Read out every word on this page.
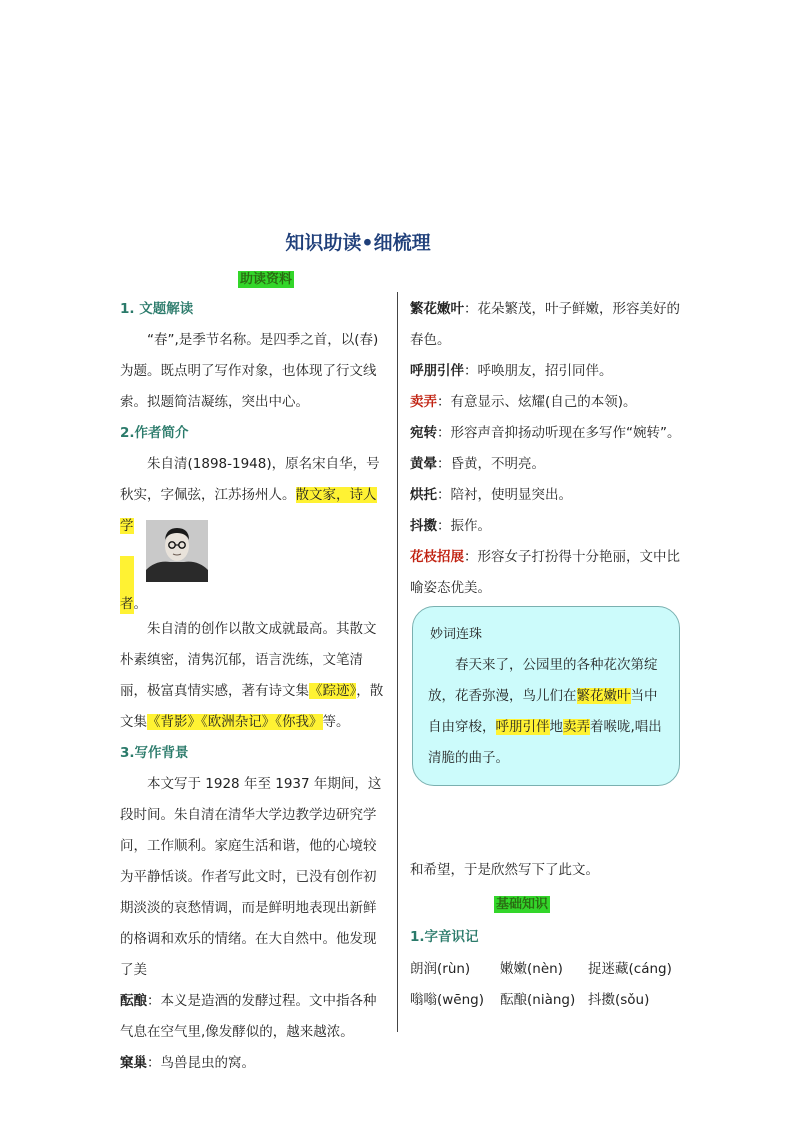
知识助读•细梳理
助读资料

1. 文题解读

“春”,是季节名称。是四季之首，以(春)为题。既点明了写作对象，也体现了行文线索。拟题简洁凝练，突出中心。

2.作者简介

朱自清(1898-1948)，原名宋自华，号秋实，字佩弦，江苏扬州人。散文家，诗人学

者。

朱自清的创作以散文成就最高。其散文朴素缜密，清隽沉郁，语言洗练，文笔清丽，极富真情实感，著有诗文集《踪迹》，散文集《背影》《欧洲杂记》《你我》等。

3.写作背景

本文写于 1928 年至 1937 年期间，这段时间。朱自清在清华大学边教学边研究学问，工作顺利。家庭生活和谐，他的心境较为平静恬谈。作者写此文时，已没有创作初期淡淡的哀愁情调，而是鲜明地表现出新鲜的格调和欢乐的情绪。在大自然中。他发现了美

酝酿：本义是造酒的发酵过程。文中指各种气息在空气里,像发酵似的，越来越浓。

窠巢：鸟兽昆虫的窝。

繁花嫩叶：花朵繁茂，叶子鲜嫩，形容美好的春色。

呼朋引伴：呼唤朋友，招引同伴。

卖弄：有意显示、炫耀(自己的本领)。

宛转：形容声音抑扬动听现在多写作“婉转”。

黄晕：昏黄，不明亮。

烘托：陪衬，使明显突出。

抖擞：振作。

花枝招展：形容女子打扮得十分艳丽，文中比喻姿态优美。

妙词连珠

春天来了，公园里的各种花次第绽放，花香弥漫，鸟儿们在繁花嫩叶当中自由穿梭，呼朋引伴地卖弄着喉咙,唱出清脆的曲子。

和希望，于是欣然写下了此文。
基础知识
1.字音识记
朗润(rùn) 嫩嫩(nèn) 捉迷藏(cáng)
嗡嗡(wēng) 酝酿(niàng) 抖擞(sǒu)
